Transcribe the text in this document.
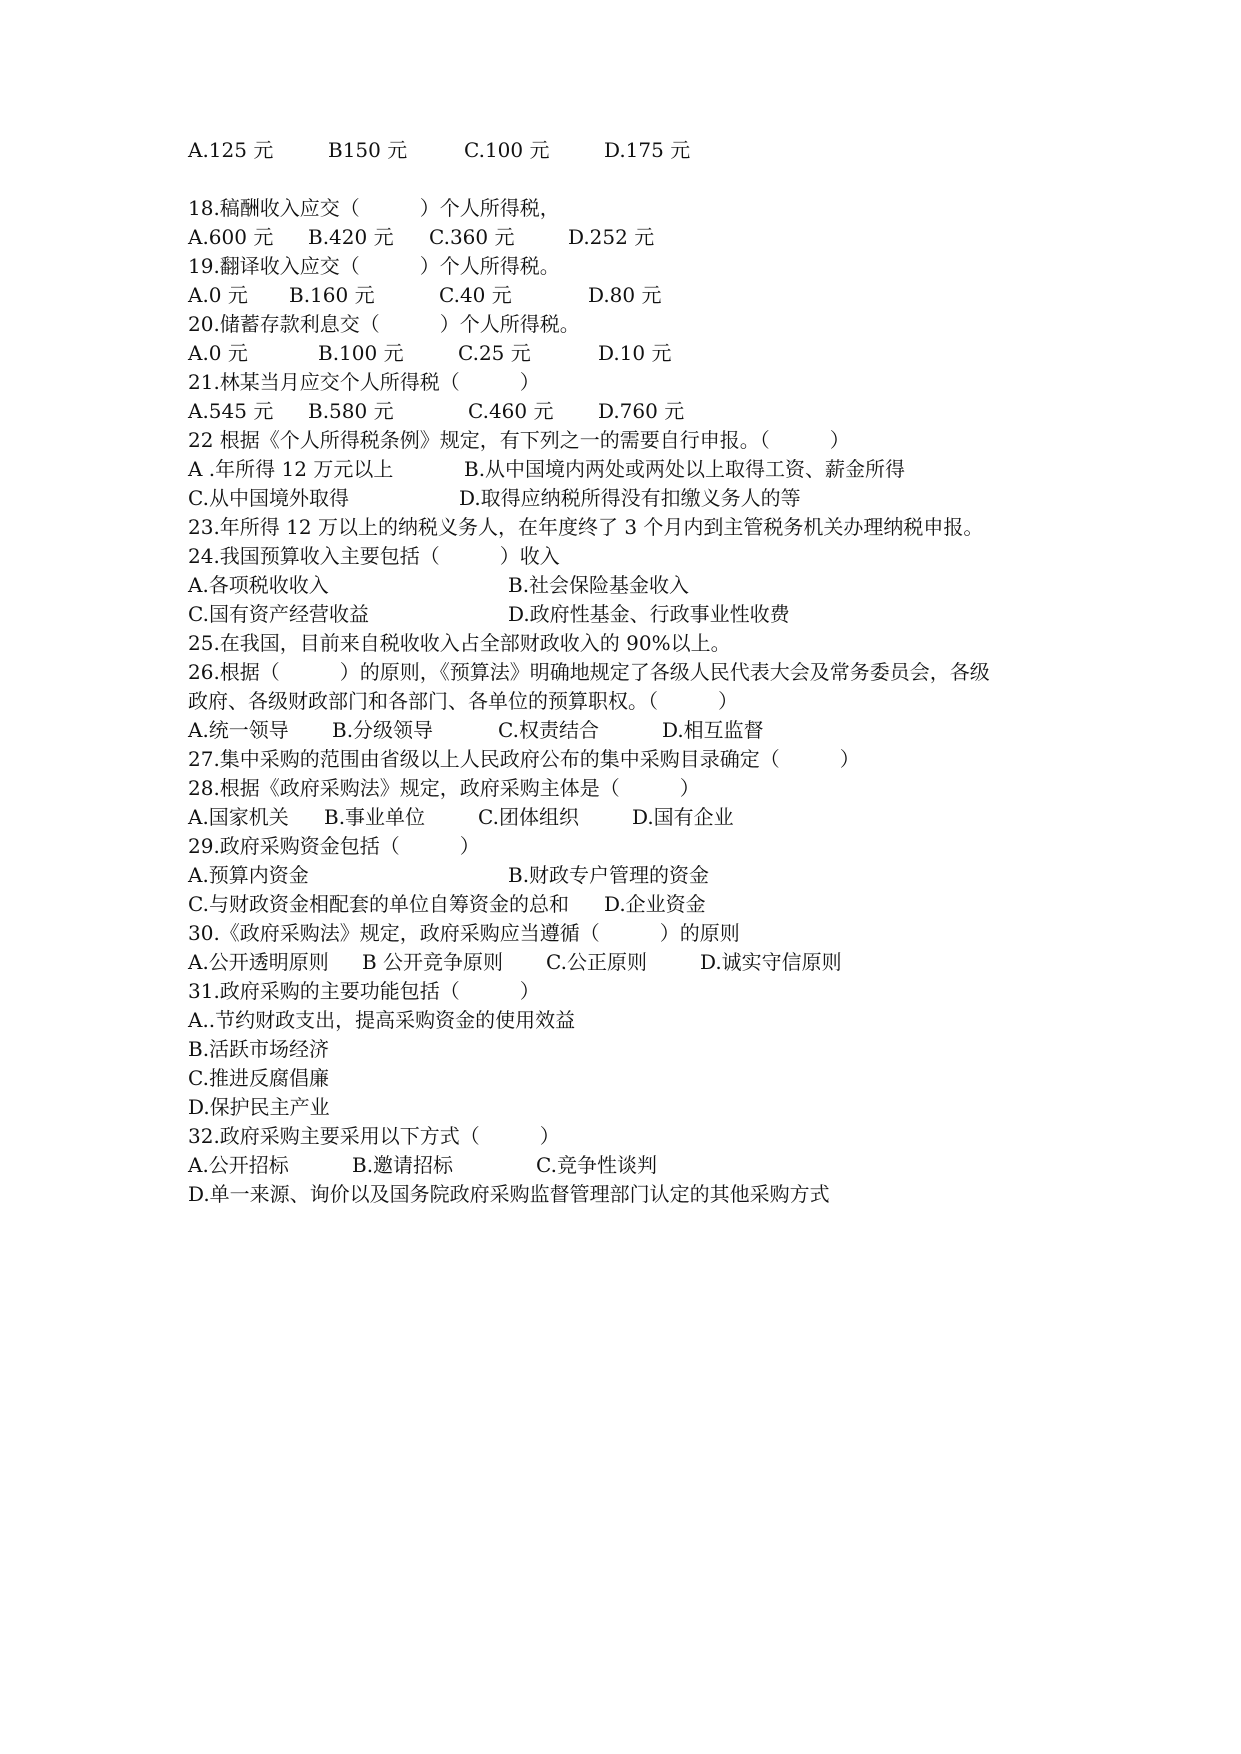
A.125 元	B150 元	C.100 元	D.175 元
18.稿酬收入应交（　　　）个人所得税，
A.600 元 B.420 元 C.360 元	D.252 元
19.翻译收入应交（　　　）个人所得税。
A.0 元 B.160 元	C.40 元	D.80 元
20.储蓄存款利息交（　　　）个人所得税。
A.0 元	B.100 元	C.25 元	D.10 元
21.林某当月应交个人所得税（　　　）
A.545 元 B.580 元	C.460 元 D.760 元
22 根据《个人所得税条例》规定，有下列之一的需要自行申报。（　　　）
A .年所得 12 万元以上	B.从中国境内两处或两处以上取得工资、薪金所得
C.从中国境外取得	D.取得应纳税所得没有扣缴义务人的等
23.年所得 12 万以上的纳税义务人，在年度终了 3 个月内到主管税务机关办理纳税申报。
24.我国预算收入主要包括（　　　）收入
A.各项税收收入	B.社会保险基金收入
C.国有资产经营收益	D.政府性基金、行政事业性收费
25.在我国，目前来自税收收入占全部财政收入的 90%以上。
26.根据（　　　）的原则，《预算法》明确地规定了各级人民代表大会及常务委员会，各级
政府、各级财政部门和各部门、各单位的预算职权。（　　　）
A.统一领导 B.分级领导	C.权责结合	D.相互监督
27.集中采购的范围由省级以上人民政府公布的集中采购目录确定（　　　）
28.根据《政府采购法》规定，政府采购主体是（　　　）
A.国家机关 B.事业单位	C.团体组织	D.国有企业
29.政府采购资金包括（　　　）
A.预算内资金	B.财政专户管理的资金
C.与财政资金相配套的单位自筹资金的总和 D.企业资金
30.《政府采购法》规定，政府采购应当遵循（　　　）的原则
A.公开透明原则 B 公开竞争原则 C.公正原则	D.诚实守信原则
31.政府采购的主要功能包括（　　　）
A..节约财政支出，提高采购资金的使用效益
B.活跃市场经济
C.推进反腐倡廉
D.保护民主产业
32.政府采购主要采用以下方式（　　　）
A.公开招标	B.邀请招标	C.竞争性谈判
D.单一来源、询价以及国务院政府采购监督管理部门认定的其他采购方式
